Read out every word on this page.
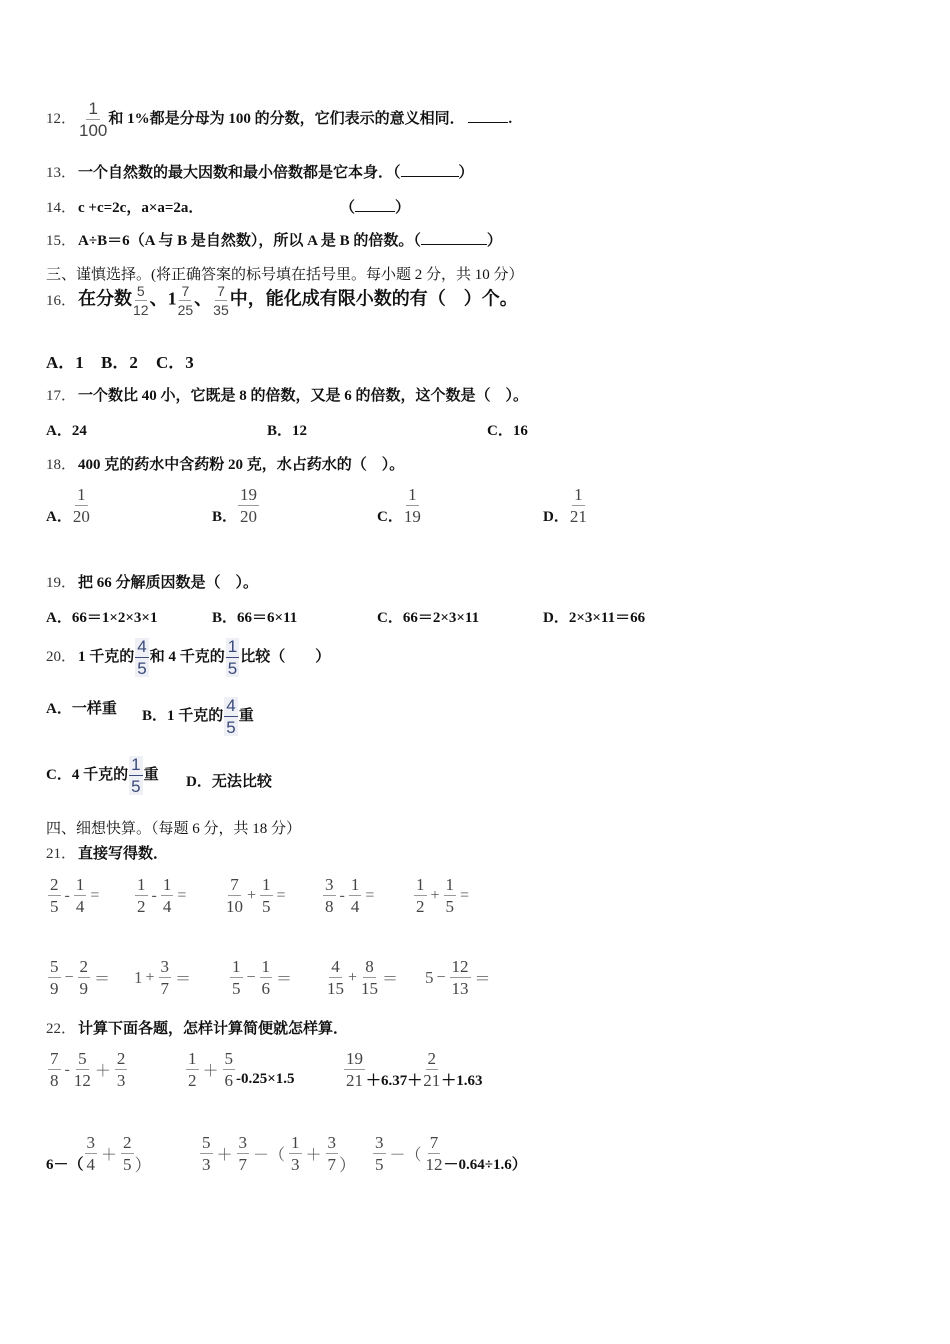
12． $\frac{1}{100}$ 和 1%都是分母为 100 的分数，它们表示的意义相同．	.
13． 一个自然数的最大因数和最小倍数都是它本身．（	）
14． c +c=2c，a×a=2a．	（	）
15． A÷B＝6（A 与 B 是自然数），所以 A 是 B 的倍数。（	）
三、谨慎选择。(将正确答案的标号填在括号里。每小题 2 分，共 10 分）
16． 在分数 $\frac{5}{12}$ 、$1 \frac{7}{25}$ 、 $\frac{7}{35}$ 中，能化成有限小数的有（　）个。
A．1 B．2 C．3
17． 一个数比 40 小，它既是 8 的倍数，又是 6 的倍数，这个数是（　）。
A．24	B．12	C．16
18． 400 克的药水中含药粉 20 克，水占药水的（　）。
A． $\frac{1}{20}$	B． $\frac{19}{20}$	C． $\frac{1}{19}$	D． $\frac{1}{21}$
19． 把 66 分解质因数是（　）。
A．66＝1×2×3×1	B．66＝6×11	C．66＝2×3×11	D．2×3×11＝66
20． 1 千克的 $\frac{4}{5}$ 和 4 千克的 $\frac{1}{5}$ 比较（　　）
A．一样重 B．1 千克的 $\frac{4}{5}$ 重
C．4 千克的 $\frac{1}{5}$ 重 D．无法比较
四、细想快算。（每题 6 分，共 18 分）
21． 直接写得数．
$\frac{2}{5} - \frac{1}{4} = \frac{1}{2} - \frac{1}{4} = \frac{7}{10} + \frac{1}{5} = \frac{3}{8} - \frac{1}{4} = \frac{1}{2} + \frac{1}{5}$ =
$\frac{5}{9} - \frac{2}{9} = 1 + \frac{3}{7} = \frac{1}{5} - \frac{1}{6} = \frac{4}{15} + \frac{8}{15} = 5 - \frac{12}{13}$ ＝
22． 计算下面各题，怎样计算简便就怎样算．
$\frac{7}{8} - \frac{5}{12} + \frac{2}{3}$	$\frac{1}{2} + \frac{5}{6} -0.25\times 1.5$	$\frac{19}{21} +6.37+ \frac{2}{21} +1.63$
$6-( \frac{3}{4} + \frac{2}{5}$ ）	$\frac{5}{3} + \frac{3}{7}$ －（ $\frac{1}{3} + \frac{3}{7}$ ） $\frac{3}{5}$ －（ $\frac{7}{12} -0.64\div 1.6$）
